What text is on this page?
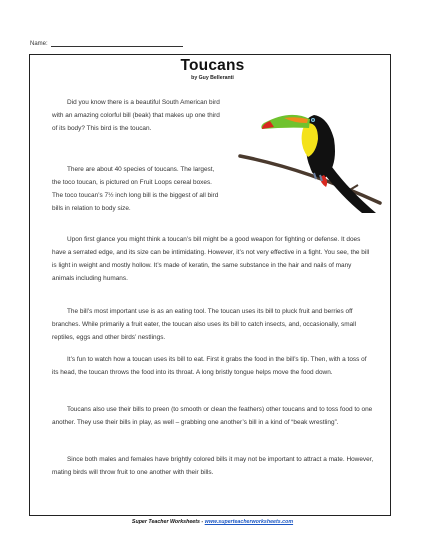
Name:
Toucans
by Guy Belleranti

Did you know there is a beautiful South American bird with an amazing colorful bill (beak) that makes up one third of its body? This bird is the toucan.

There are about 40 species of toucans. The largest, the toco toucan, is pictured on Fruit Loops cereal boxes. The toco toucan’s 7½ inch long bill is the biggest of all bird bills in relation to body size.

Upon first glance you might think a toucan’s bill might be a good weapon for fighting or defense. It does have a serrated edge, and its size can be intimidating. However, it’s not very effective in a fight. You see, the bill is light in weight and mostly hollow. It’s made of keratin, the same substance in the hair and nails of many animals including humans.

The bill’s most important use is as an eating tool. The toucan uses its bill to pluck fruit and berries off branches. While primarily a fruit eater, the toucan also uses its bill to catch insects, and, occasionally, small reptiles, eggs and other birds’ nestlings.

It’s fun to watch how a toucan uses its bill to eat. First it grabs the food in the bill’s tip. Then, with a toss of its head, the toucan throws the food into its throat. A long bristly tongue helps move the food down.

Toucans also use their bills to preen (to smooth or clean the feathers) other toucans and to toss food to one another. They use their bills in play, as well – grabbing one another’s bill in a kind of “beak wrestling”.

Since both males and females have brightly colored bills it may not be important to attract a mate. However, mating birds will throw fruit to one another with their bills.

Super Teacher Worksheets - www.superteacherworksheets.com
